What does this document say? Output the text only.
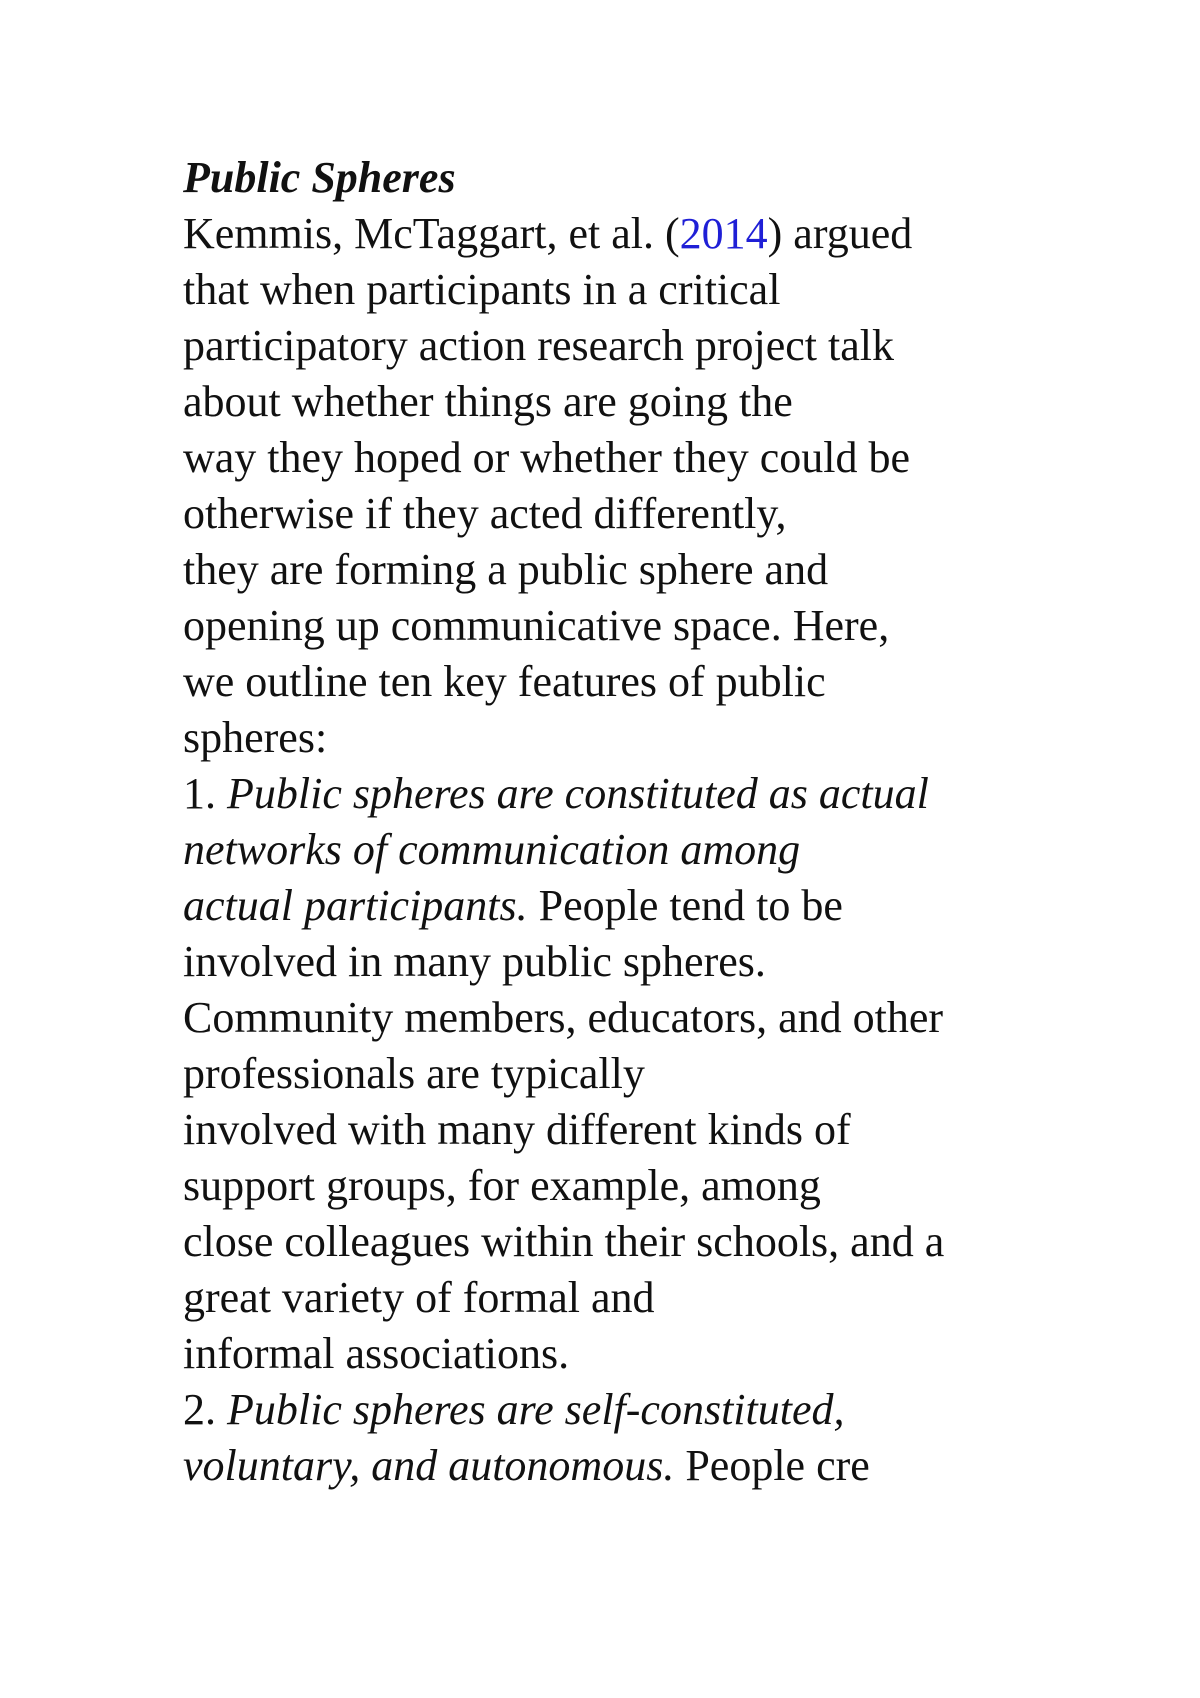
Public Spheres
Kemmis, McTaggart, et al. (2014) argued
that when participants in a critical
participatory action research project talk
about whether things are going the
way they hoped or whether they could be
otherwise if they acted differently,
they are forming a public sphere and
opening up communicative space. Here,
we outline ten key features of public
spheres:
1. Public spheres are constituted as actual
networks of communication among
actual participants. People tend to be
involved in many public spheres.
Community members, educators, and other
professionals are typically
involved with many different kinds of
support groups, for example, among
close colleagues within their schools, and a
great variety of formal and
informal associations.
2. Public spheres are self-constituted,
voluntary, and autonomous. People cre
